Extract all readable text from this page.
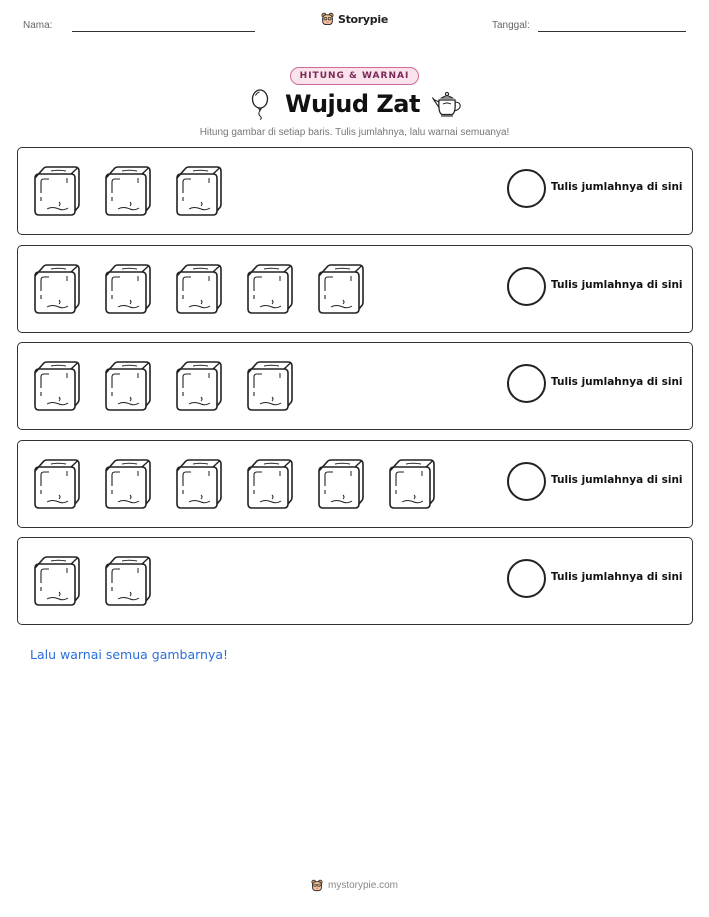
Nama:	Storypie	Tanggal:
HITUNG & WARNAI
Wujud Zat
Hitung gambar di setiap baris. Tulis jumlahnya, lalu warnai semuanya!
Tulis jumlahnya di sini
Tulis jumlahnya di sini
Tulis jumlahnya di sini
Tulis jumlahnya di sini
Tulis jumlahnya di sini
Lalu warnai semua gambarnya!
mystorypie.com
